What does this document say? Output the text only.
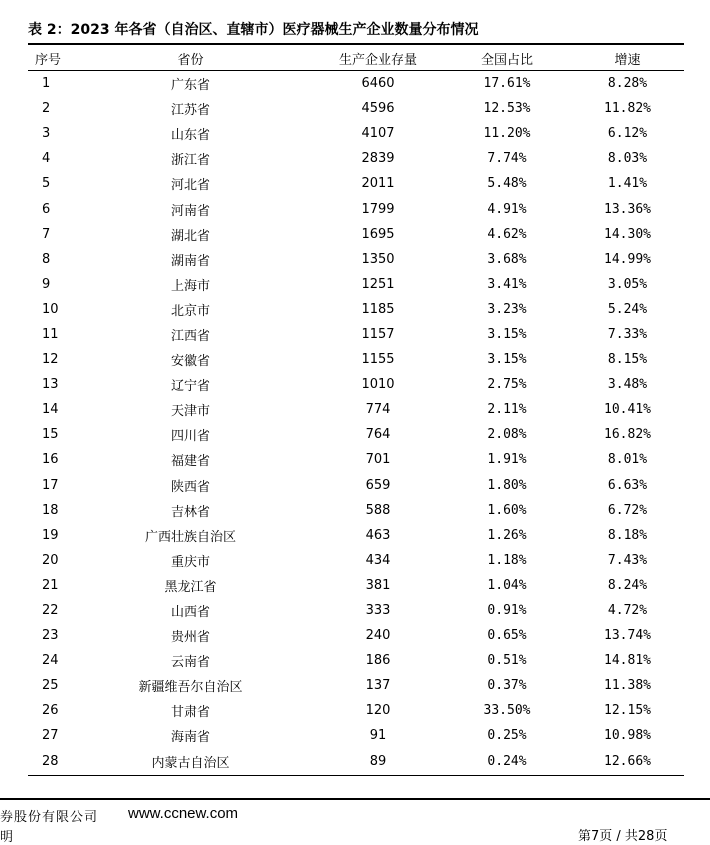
表 2：2023 年各省（自治区、直辖市）医疗器械生产企业数量分布情况
序号	省份	生产企业存量	全国占比	增速
1	广东省	6460	17.61%	8.28%
2	江苏省	4596	12.53%	11.82%
3	山东省	4107	11.20%	6.12%
4	浙江省	2839	7.74%	8.03%
5	河北省	2011	5.48%	1.41%
6	河南省	1799	4.91%	13.36%
7	湖北省	1695	4.62%	14.30%
8	湖南省	1350	3.68%	14.99%
9	上海市	1251	3.41%	3.05%
10	北京市	1185	3.23%	5.24%
11	江西省	1157	3.15%	7.33%
12	安徽省	1155	3.15%	8.15%
13	辽宁省	1010	2.75%	3.48%
14	天津市	774	2.11%	10.41%
15	四川省	764	2.08%	16.82%
16	福建省	701	1.91%	8.01%
17	陕西省	659	1.80%	6.63%
18	吉林省	588	1.60%	6.72%
19	广西壮族自治区	463	1.26%	8.18%
20	重庆市	434	1.18%	7.43%
21	黑龙江省	381	1.04%	8.24%
22	山西省	333	0.91%	4.72%
23	贵州省	240	0.65%	13.74%
24	云南省	186	0.51%	14.81%
25	新疆维吾尔自治区	137	0.37%	11.38%
26	甘肃省	120	33.50%	12.15%
27	海南省	91	0.25%	10.98%
28	内蒙古自治区	89	0.24%	12.66%
券股份有限公司 www.ccnew.com
明	第7页 / 共28页
